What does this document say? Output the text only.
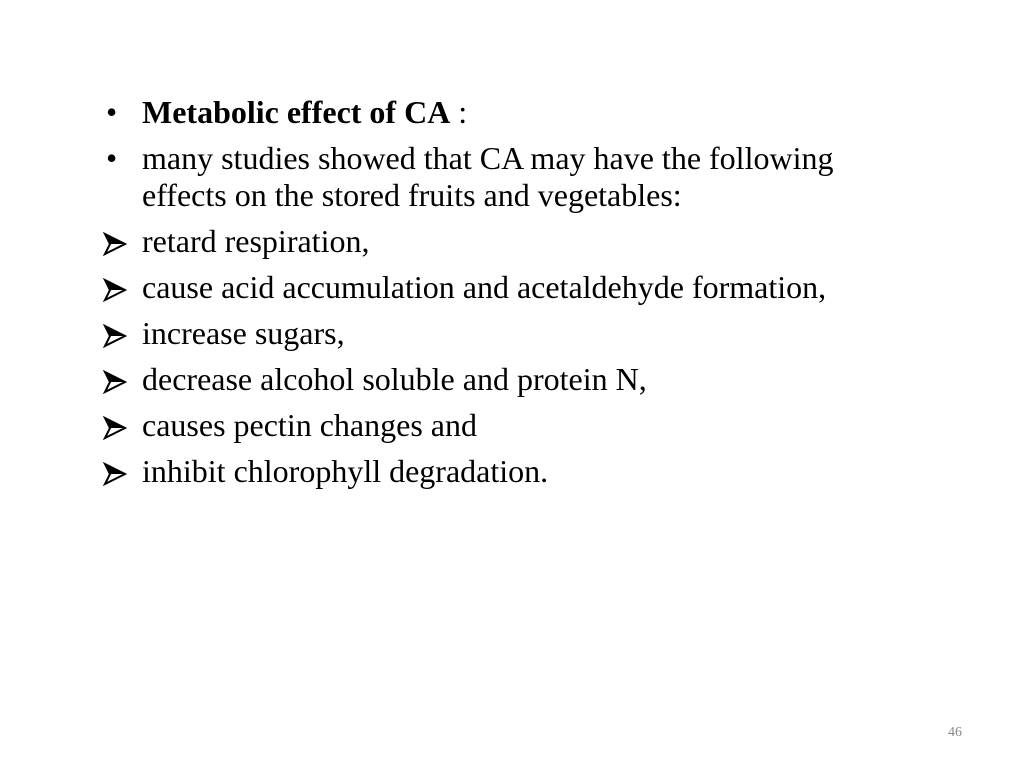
• Metabolic effect of CA :
• many studies showed that CA may have the following effects on the stored fruits and vegetables:
retard respiration,
cause acid accumulation and acetaldehyde formation,
increase sugars,
decrease alcohol soluble and protein N,
causes pectin changes and
inhibit chlorophyll degradation.
46
